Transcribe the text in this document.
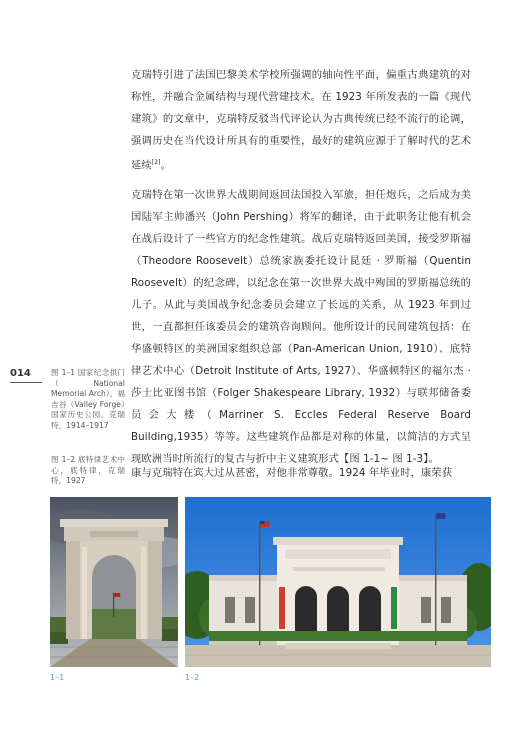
克瑞特引进了法国巴黎美术学校所强调的轴向性平面，偏重古典建筑的对称性，并融合金属结构与现代营建技术。在 1923 年所发表的一篇《现代建筑》的文章中，克瑞特反驳当代评论认为古典传统已经不流行的论调，强调历史在当代设计所具有的重要性，最好的建筑应源于了解时代的艺术延续[2]。
克瑞特在第一次世界大战期间返回法国投入军旅，担任炮兵，之后成为美国陆军主帅潘兴（John Pershing）将军的翻译，由于此职务让他有机会在战后设计了一些官方的纪念性建筑。战后克瑞特返回美国，接受罗斯福（Theodore Roosevelt）总统家族委托设计昆廷 · 罗斯福（Quentin Roosevelt）的纪念碑，以纪念在第一次世界大战中殉国的罗斯福总统的儿子。从此与美国战争纪念委员会建立了长远的关系，从 1923 年到过世，一直都担任该委员会的建筑咨询顾问。他所设计的民间建筑包括：在华盛顿特区的美洲国家组织总部（Pan-American Union, 1910）、底特律艺术中心（Detroit Institute of Arts, 1927）、华盛顿特区的福尔杰 · 莎士比亚图书馆（Folger Shakespeare Library, 1932）与联邦储备委员会大楼（Marriner S. Eccles Federal Reserve Board Building,1935）等等。这些建筑作品都是对称的体量，以简洁的方式呈现欧洲当时所流行的复古与折中主义建筑形式【图 1-1~ 图 1-3】。
康与克瑞特在宾大过从甚密，对他非常尊敬。1924 年毕业时，康荣获
014	图 1–1 国家纪念拱门（National Memorial Arch），福吉谷（Valley Forge）国家历史公园，克瑞特，1914–1917
图 1–2 底特律艺术中心，底特律，克瑞特，1927
1–1	1–2
